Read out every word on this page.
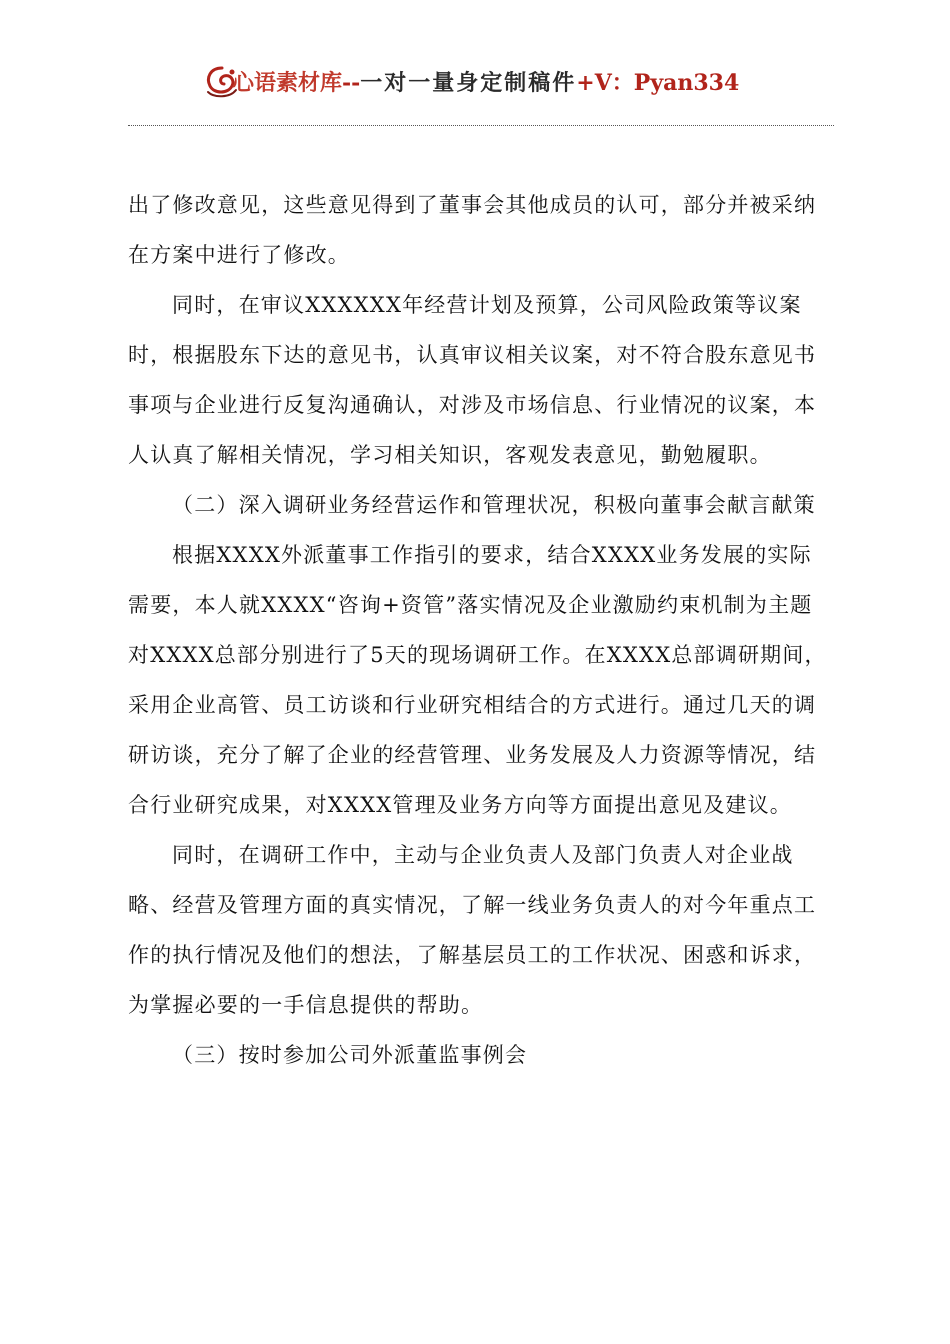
心语素材库--一对一量身定制稿件+V：Pyan334

出了修改意见，这些意见得到了董事会其他成员的认可，部分并被采纳在方案中进行了修改。

同时，在审议XXXXXX年经营计划及预算，公司风险政策等议案时，根据股东下达的意见书，认真审议相关议案，对不符合股东意见书事项与企业进行反复沟通确认，对涉及市场信息、行业情况的议案，本人认真了解相关情况，学习相关知识，客观发表意见，勤勉履职。

（二）深入调研业务经营运作和管理状况，积极向董事会献言献策

根据XXXX外派董事工作指引的要求，结合XXXX业务发展的实际需要，本人就XXXX“咨询+资管”落实情况及企业激励约束机制为主题对XXXX总部分别进行了5天的现场调研工作。在XXXX总部调研期间，采用企业高管、员工访谈和行业研究相结合的方式进行。通过几天的调研访谈，充分了解了企业的经营管理、业务发展及人力资源等情况，结合行业研究成果，对XXXX管理及业务方向等方面提出意见及建议。

同时，在调研工作中，主动与企业负责人及部门负责人对企业战略、经营及管理方面的真实情况，了解一线业务负责人的对今年重点工作的执行情况及他们的想法，了解基层员工的工作状况、困惑和诉求，为掌握必要的一手信息提供的帮助。

（三）按时参加公司外派董监事例会
